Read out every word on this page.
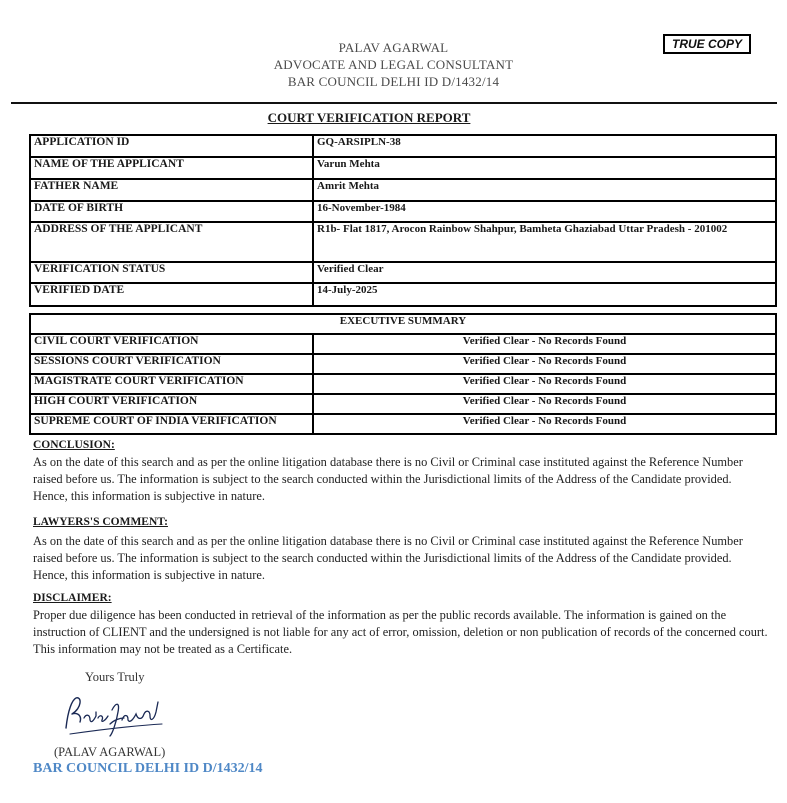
PALAV AGARWAL
ADVOCATE AND LEGAL CONSULTANT
BAR COUNCIL DELHI ID D/1432/14
TRUE COPY
COURT VERIFICATION REPORT
APPLICATION ID	GQ-ARSIPLN-38
NAME OF THE APPLICANT	Varun Mehta
FATHER NAME	Amrit Mehta
DATE OF BIRTH	16-November-1984
ADDRESS OF THE APPLICANT	R1b- Flat 1817, Arocon Rainbow Shahpur, Bamheta Ghaziabad Uttar Pradesh - 201002
VERIFICATION STATUS	Verified Clear
VERIFIED DATE	14-July-2025
EXECUTIVE SUMMARY	
CIVIL COURT VERIFICATION	Verified Clear - No Records Found
SESSIONS COURT VERIFICATION	Verified Clear - No Records Found
MAGISTRATE COURT VERIFICATION	Verified Clear - No Records Found
HIGH COURT VERIFICATION	Verified Clear - No Records Found
SUPREME COURT OF INDIA VERIFICATION	Verified Clear - No Records Found
CONCLUSION:
As on the date of this search and as per the online litigation database there is no Civil or Criminal case instituted against the Reference Number raised before us. The information is subject to the search conducted within the Jurisdictional limits of the Address of the Candidate provided. Hence, this information is subjective in nature.
LAWYERS'S COMMENT:
As on the date of this search and as per the online litigation database there is no Civil or Criminal case instituted against the Reference Number raised before us. The information is subject to the search conducted within the Jurisdictional limits of the Address of the Candidate provided. Hence, this information is subjective in nature.
DISCLAIMER:
Proper due diligence has been conducted in retrieval of the information as per the public records available. The information is gained on the instruction of CLIENT and the undersigned is not liable for any act of error, omission, deletion or non publication of records of the concerned court. This information may not be treated as a Certificate.
Yours Truly
(PALAV AGARWAL)
BAR COUNCIL DELHI ID D/1432/14
